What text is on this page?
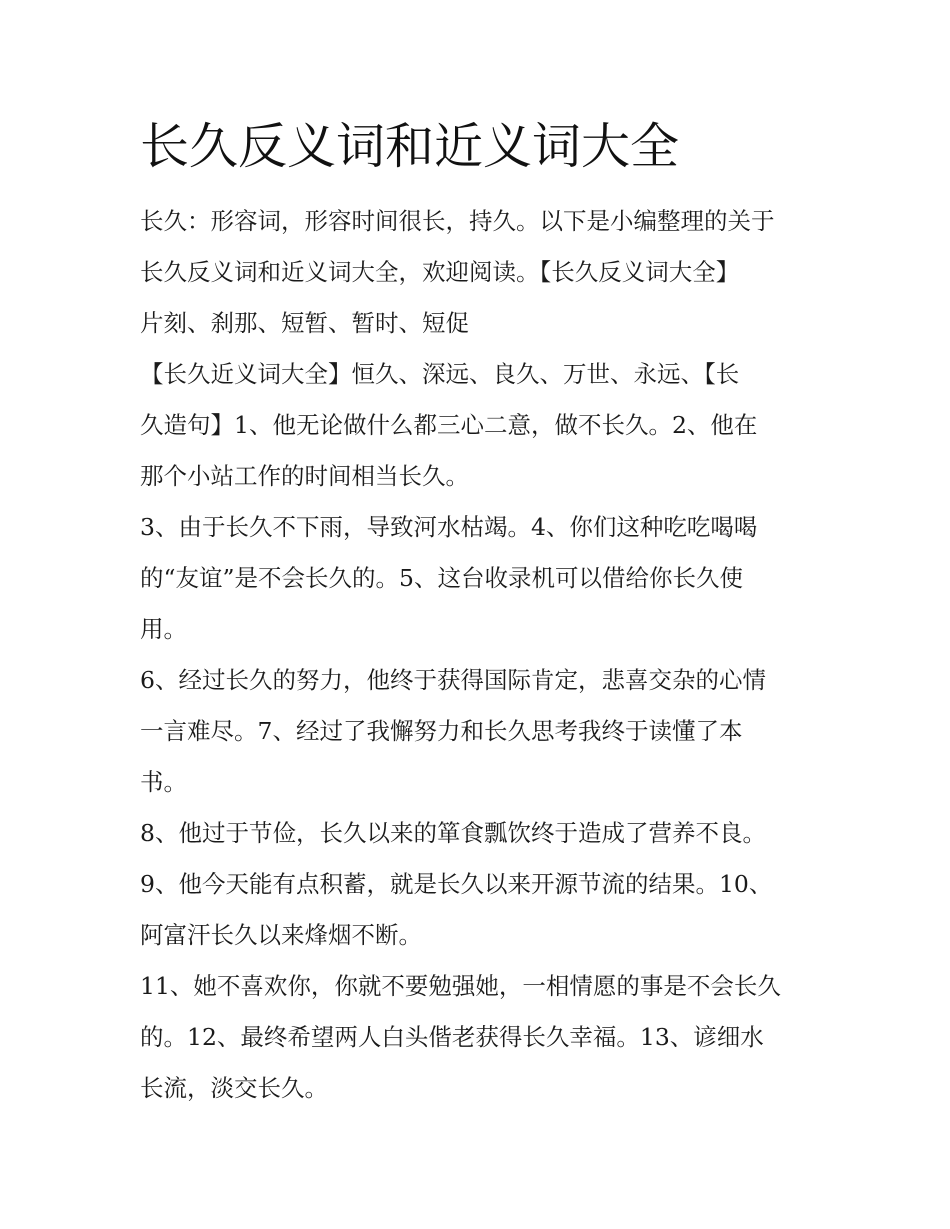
长久反义词和近义词大全

长久：形容词，形容时间很长，持久。以下是小编整理的关于
长久反义词和近义词大全，欢迎阅读。【长久反义词大全】

片刻、刹那、短暂、暂时、短促

【长久近义词大全】恒久、深远、良久、万世、永远、【长
久造句】1、他无论做什么都三心二意，做不长久。2、他在
那个小站工作的时间相当长久。

3、由于长久不下雨，导致河水枯竭。4、你们这种吃吃喝喝
的“友谊”是不会长久的。5、这台收录机可以借给你长久使
用。

6、经过长久的努力，他终于获得国际肯定，悲喜交杂的心情
一言难尽。7、经过了我懈努力和长久思考我终于读懂了本
书。

8、他过于节俭，长久以来的箪食瓢饮终于造成了营养不良。

9、他今天能有点积蓄，就是长久以来开源节流的结果。10、
阿富汗长久以来烽烟不断。

11、她不喜欢你，你就不要勉强她，一相情愿的事是不会长久
的。12、最终希望两人白头偕老获得长久幸福。13、谚细水
长流，淡交长久。
